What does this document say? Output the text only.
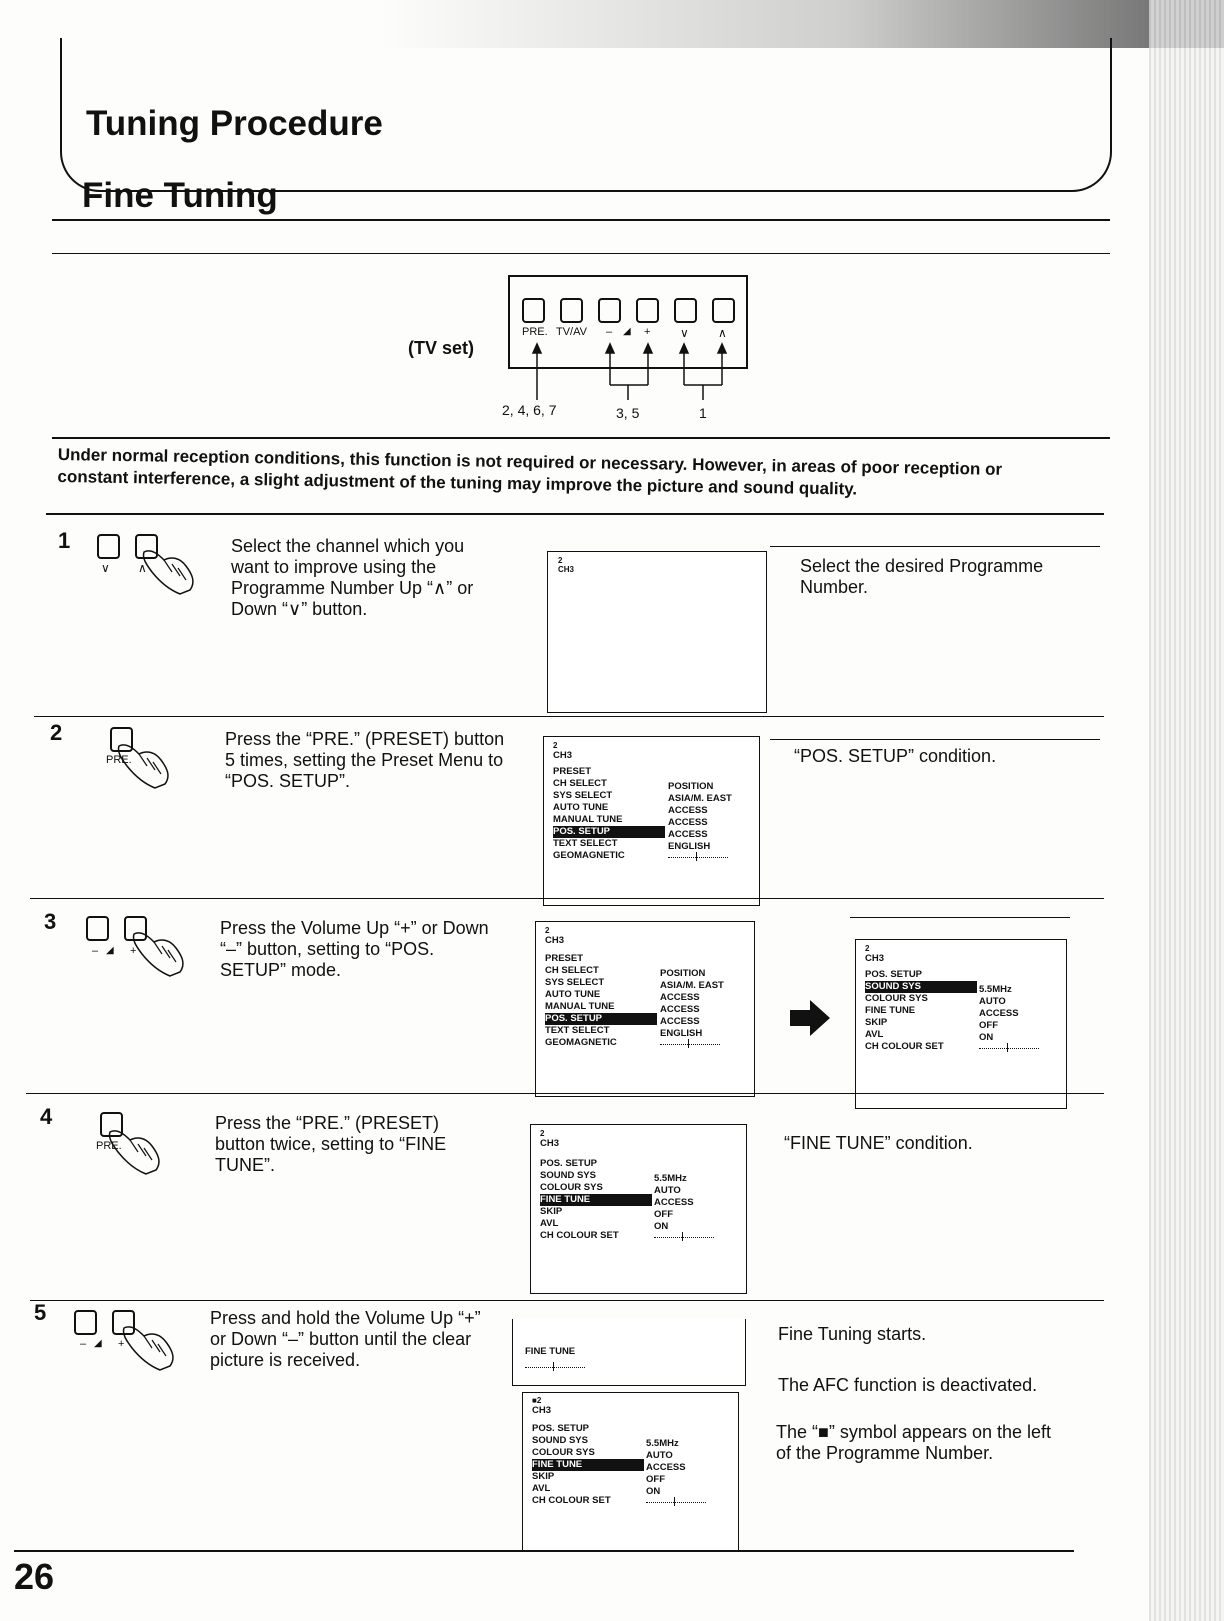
Tuning Procedure
Fine Tuning
(TV set)
PRE. TV/AV – ◢ + ∨ ∧
2, 4, 6, 7	3, 5	1
Under normal reception conditions, this function is not required or necessary. However, in areas of poor reception or constant interference, a slight adjustment of the tuning may improve the picture and sound quality.
1
∨ ∧
Select the channel which you want to improve using the Programme Number Up “∧” or Down “∨” button.
2
CH3	Select the desired Programme Number.
2
PRE.
Press the “PRE.” (PRESET) button 5 times, setting the Preset Menu to “POS. SETUP”.
2
CH3
PRESET
CH SELECT	POSITION
SYS SELECT	ASIA/M. EAST
AUTO TUNE	ACCESS
MANUAL TUNE	ACCESS
POS. SETUP	ACCESS
TEXT SELECT	ENGLISH
GEOMAGNETIC
“POS. SETUP” condition.
3
– ◢ +
Press the Volume Up “+” or Down “–” button, setting to “POS. SETUP” mode.
2
CH3
PRESET
CH SELECT	POSITION
SYS SELECT	ASIA/M. EAST
AUTO TUNE	ACCESS
MANUAL TUNE	ACCESS
POS. SETUP	ACCESS
TEXT SELECT	ENGLISH
GEOMAGNETIC
2
CH3
POS. SETUP
SOUND SYS	5.5MHz
COLOUR SYS	AUTO
FINE TUNE	ACCESS
SKIP	OFF
AVL	ON
CH COLOUR SET
4
PRE.
Press the “PRE.” (PRESET) button twice, setting to “FINE TUNE”.
2
CH3
POS. SETUP
SOUND SYS	5.5MHz
COLOUR SYS	AUTO
FINE TUNE	ACCESS
SKIP	OFF
AVL	ON
CH COLOUR SET
“FINE TUNE” condition.
5
– ◢ +
Press and hold the Volume Up “+” or Down “–” button until the clear picture is received.	FINE TUNE
■2
CH3
POS. SETUP
SOUND SYS	5.5MHz
COLOUR SYS	AUTO
FINE TUNE	ACCESS
SKIP	OFF
AVL	ON
CH COLOUR SET
Fine Tuning starts.
The AFC function is deactivated.
The “■” symbol appears on the left of the Programme Number.
26
